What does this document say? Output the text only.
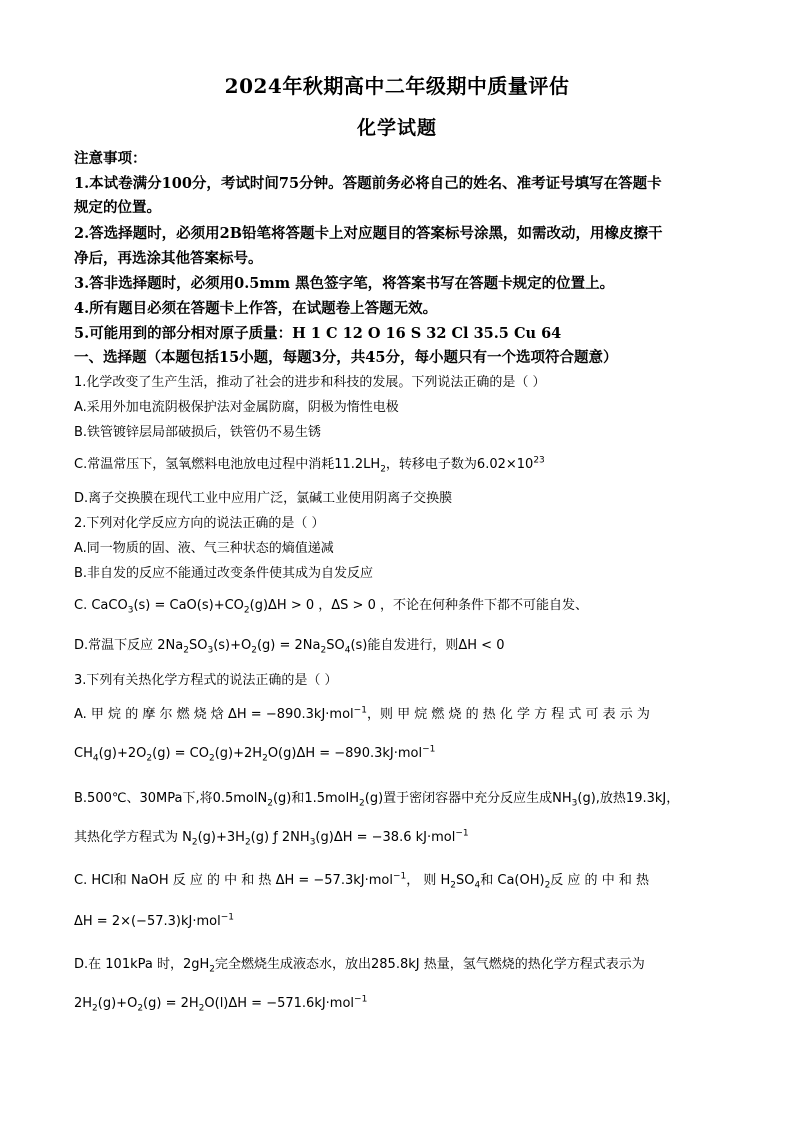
2024年秋期高中二年级期中质量评估
化学试题
注意事项：
1.本试卷满分100分，考试时间75分钟。答题前务必将自己的姓名、准考证号填写在答题卡
规定的位置。
2.答选择题时，必须用2B铅笔将答题卡上对应题目的答案标号涂黑，如需改动，用橡皮擦干
净后，再选涂其他答案标号。
3.答非选择题时，必须用0.5mm 黑色签字笔，将答案书写在答题卡规定的位置上。
4.所有题目必须在答题卡上作答，在试题卷上答题无效。
5.可能用到的部分相对原子质量：H 1 C 12 O 16 S 32 Cl 35.5 Cu 64
一、选择题（本题包括15小题，每题3分，共45分，每小题只有一个选项符合题意）
1.化学改变了生产生活，推动了社会的进步和科技的发展。下列说法正确的是（ ）
A.采用外加电流阴极保护法对金属防腐，阴极为惰性电极
B.铁管镀锌层局部破损后，铁管仍不易生锈
C.常温常压下，氢氧燃料电池放电过程中消耗$11.2LH_2$，转移电子数为$6.02\times 10^{23}$
D.离子交换膜在现代工业中应用广泛，氯碱工业使用阴离子交换膜
2.下列对化学反应方向的说法正确的是（ ）
A.同一物质的固、液、气三种状态的熵值递减
B.非自发的反应不能通过改变条件使其成为自发反应
C. CaCO$_3$(s) = $CaO(s)+CO_2(g)\Delta H > 0$ ，ΔS > 0 ，不论在何种条件下都不可能自发、
D.常温下反应 $2Na_2SO_3(s)+O_2(g) = 2Na_2SO_4(s)$能自发进行，则ΔH < 0
3.下列有关热化学方程式的说法正确的是（ ）
A. 甲 烷 的 摩 尔 燃 烧 焓 ΔH = −890.3kJ·mol$^{-1}$，则 甲 烷 燃 烧 的 热 化 学 方 程 式 可 表 示 为
$CH_4(g)+2O_2(g) = CO_2(g)+2H_2O(g)\Delta H = -890.3kJ\cdot mol^{-1}$
B.500℃、30MPa下,将0.5molN$_2$(g)和1.5molH$_2$(g)置于密闭容器中充分反应生成$NH_3(g)$,放热19.3kJ，
其热化学方程式为 $N_2(g)+3H_2(g)$ ƒ $2NH_3(g)\Delta H = -38.6$ kJ·mol$^{-1}$
C. HCl和 NaOH 反 应 的 中 和 热 ΔH = −57.3kJ·mol$^{-1}$， 则 $H_2SO_4$和 $Ca(OH)_2$反 应 的 中 和 热
ΔH = 2×(−57.3)kJ·mol$^{-1}$
D.在 101kPa 时，$2gH_2$完全燃烧生成液态水，放出285.8kJ 热量，氢气燃烧的热化学方程式表示为
$2H_2(g)+O_2(g) = 2H_2O(l)\Delta H = -571.6kJ\cdot mol^{-1}$
